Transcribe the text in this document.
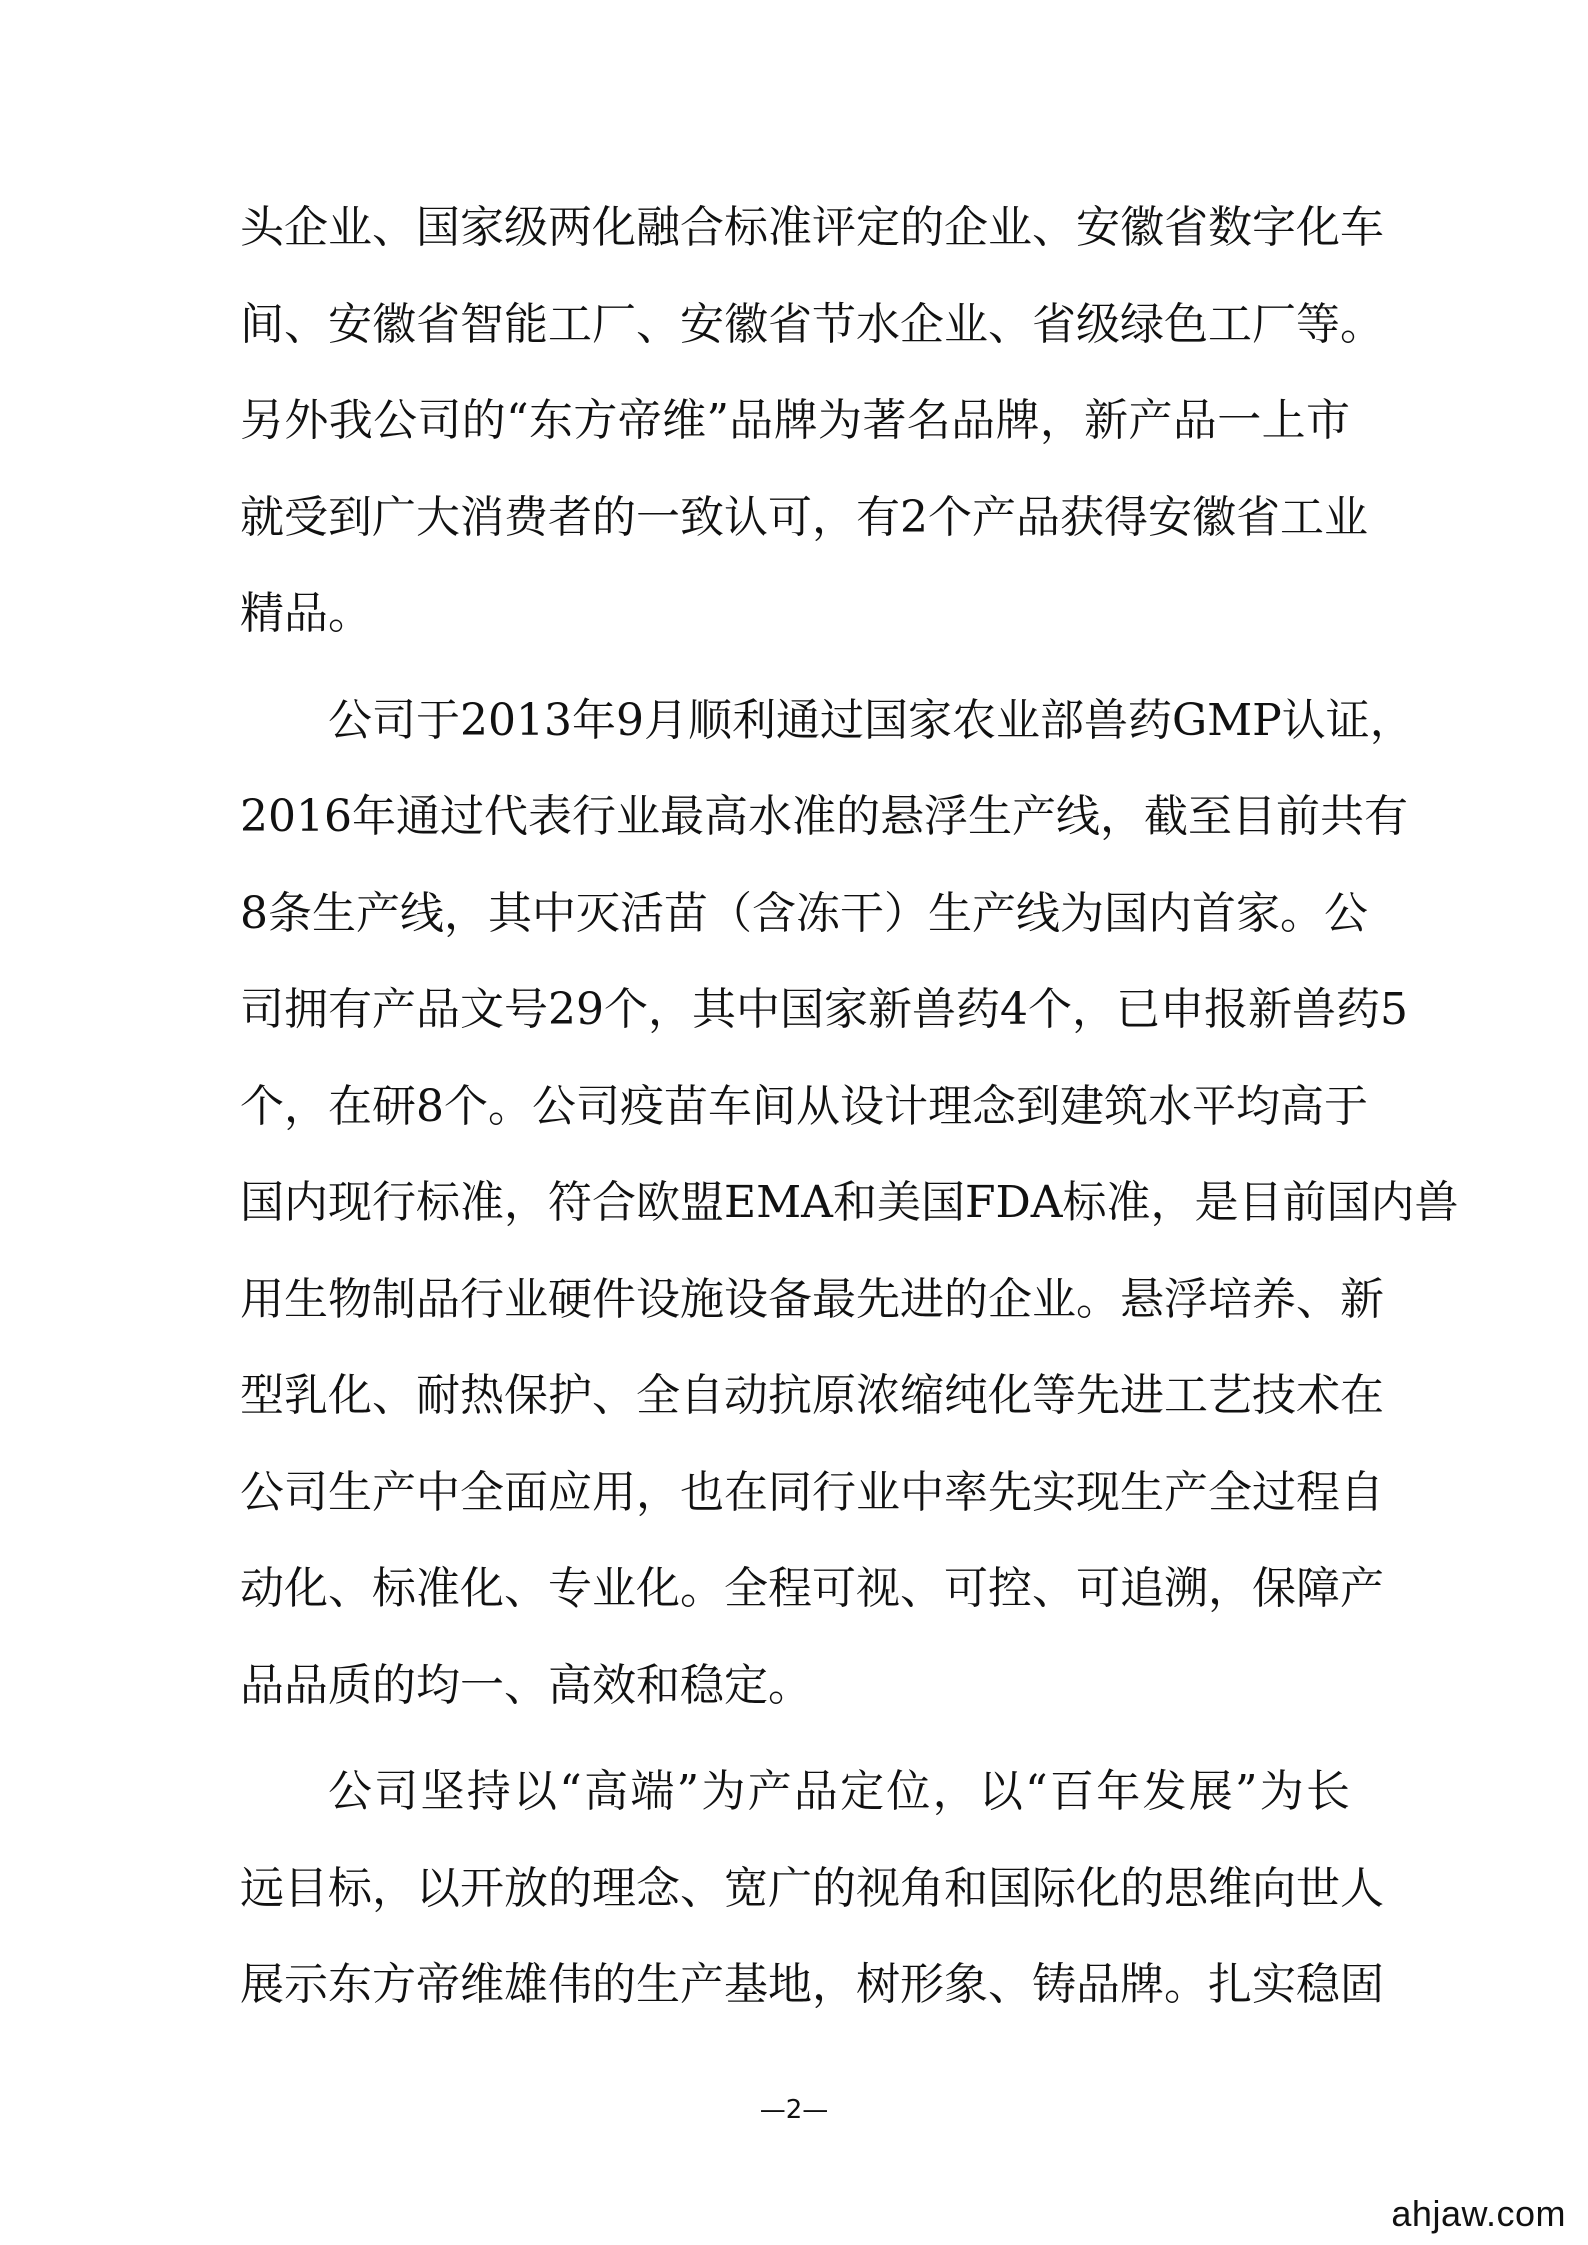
头企业、国家级两化融合标准评定的企业、安徽省数字化车
间、安徽省智能工厂、安徽省节水企业、省级绿色工厂等。
另外我公司的“东方帝维”品牌为著名品牌，新产品一上市
就受到广大消费者的一致认可，有2个产品获得安徽省工业
精品。
公司于2013年9月顺利通过国家农业部兽药GMP认证，
2016年通过代表行业最高水准的悬浮生产线，截至目前共有
8条生产线，其中灭活苗（含冻干）生产线为国内首家。公
司拥有产品文号29个，其中国家新兽药4个，已申报新兽药5
个，在研8个。公司疫苗车间从设计理念到建筑水平均高于
国内现行标准，符合欧盟EMA和美国FDA标准，是目前国内兽
用生物制品行业硬件设施设备最先进的企业。悬浮培养、新
型乳化、耐热保护、全自动抗原浓缩纯化等先进工艺技术在
公司生产中全面应用，也在同行业中率先实现生产全过程自
动化、标准化、专业化。全程可视、可控、可追溯，保障产
品品质的均一、高效和稳定。
公司坚持以“高端”为产品定位，以“百年发展”为长
远目标，以开放的理念、宽广的视角和国际化的思维向世人
展示东方帝维雄伟的生产基地，树形象、铸品牌。扎实稳固
—2—
ahjaw.com
